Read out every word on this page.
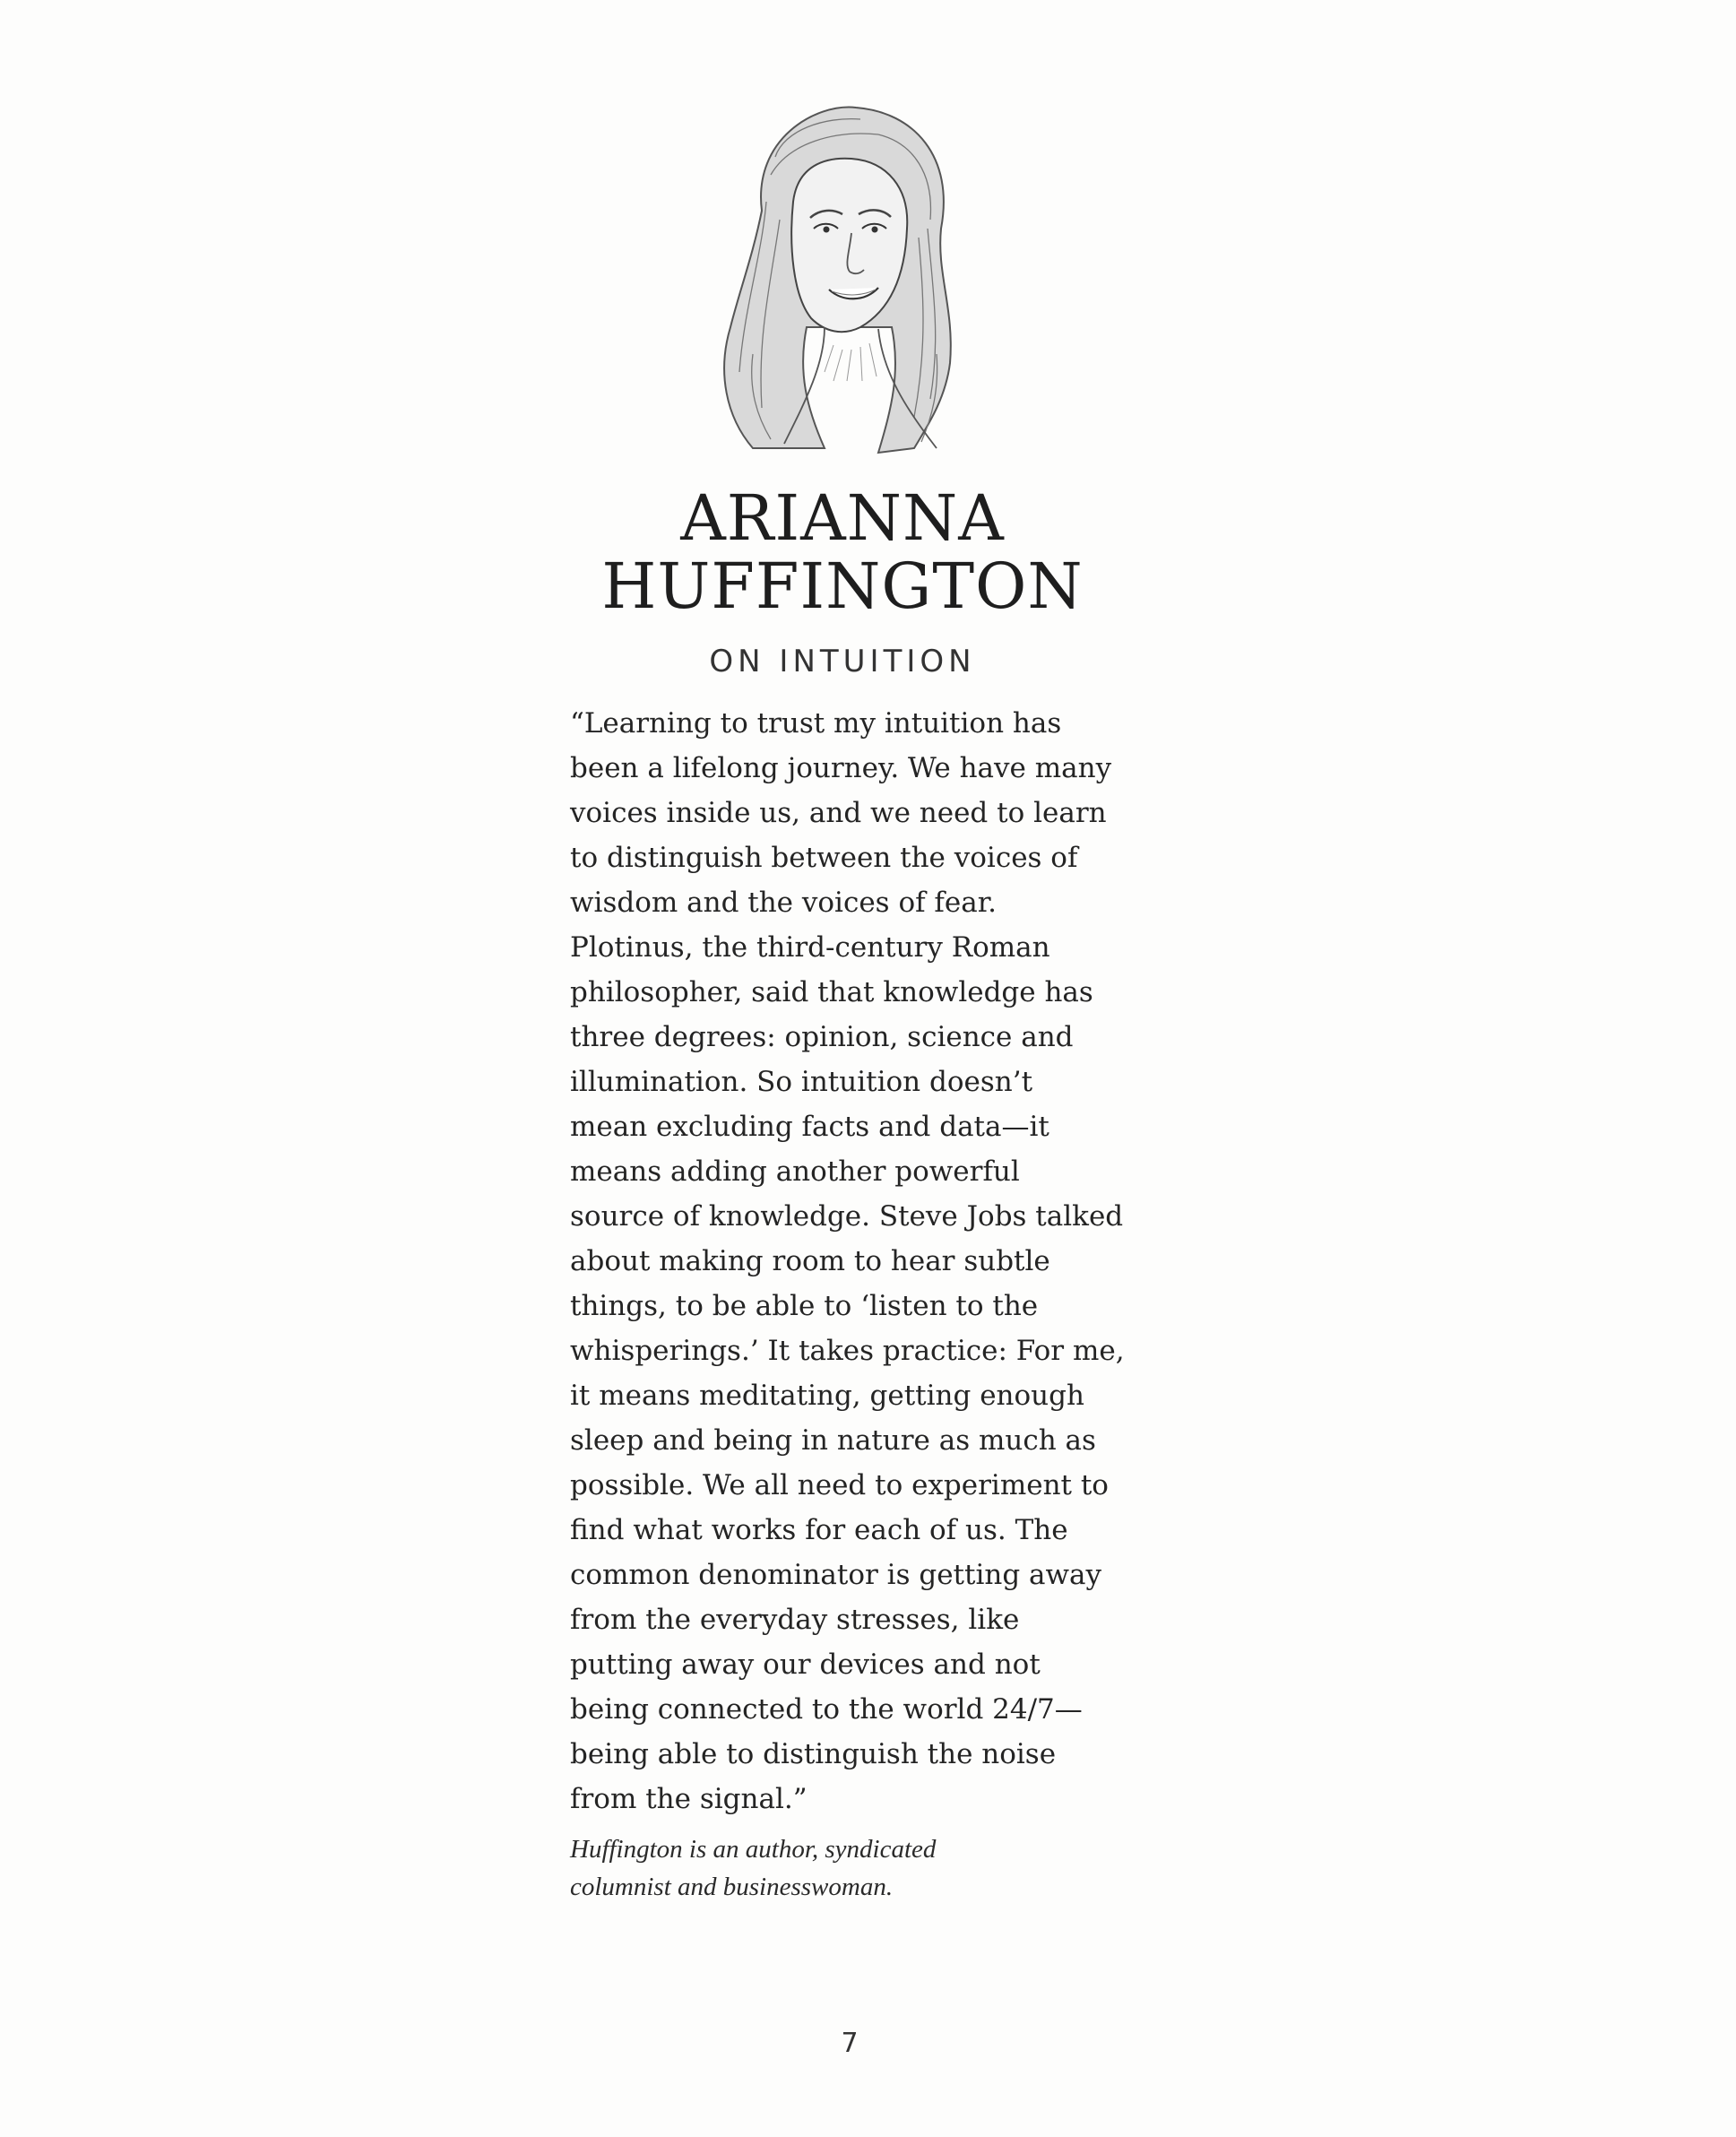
ARIANNA
HUFFINGTON
ON INTUITION
“Learning to trust my intuition has
been a lifelong journey. We have many
voices inside us, and we need to learn
to distinguish between the voices of
wisdom and the voices of fear.
Plotinus, the third-century Roman
philosopher, said that knowledge has
three degrees: opinion, science and
illumination. So intuition doesn’t
mean excluding facts and data—it
means adding another powerful
source of knowledge. Steve Jobs talked
about making room to hear subtle
things, to be able to ‘listen to the
whisperings.’ It takes practice: For me,
it means meditating, getting enough
sleep and being in nature as much as
possible. We all need to experiment to
find what works for each of us. The
common denominator is getting away
from the everyday stresses, like
putting away our devices and not
being connected to the world 24/7—
being able to distinguish the noise
from the signal.”
Huffington is an author, syndicated
columnist and businesswoman.
7
